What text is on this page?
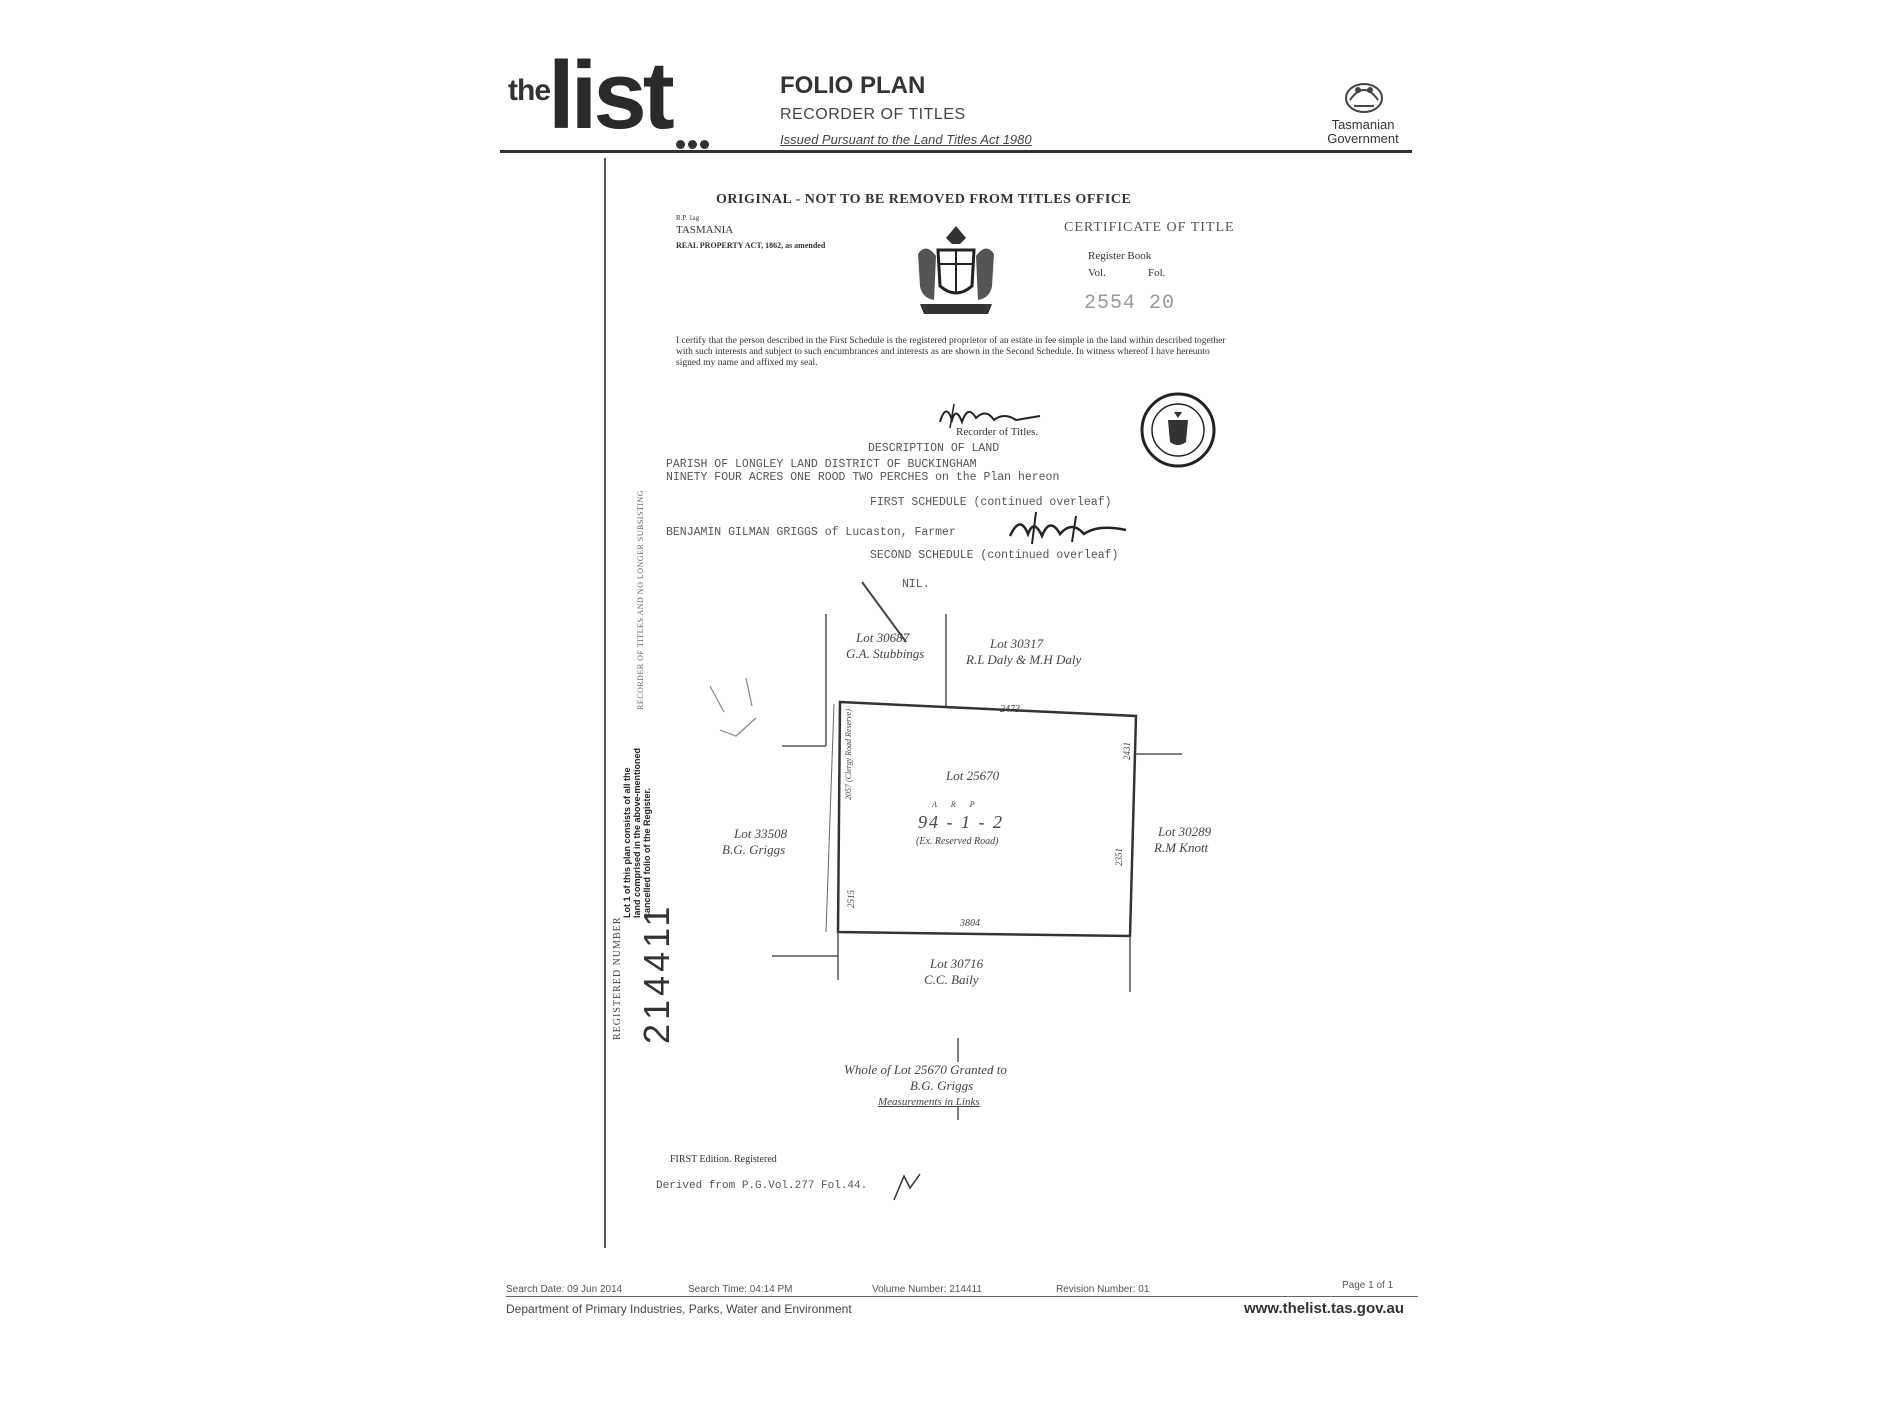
the
list	FOLIO PLAN
RECORDER OF TITLES
Issued Pursuant to the Land Titles Act 1980
Tasmanian
Government
ORIGINAL - NOT TO BE REMOVED FROM TITLES OFFICE
R.P. 1ag
TASMANIA
REAL PROPERTY ACT, 1862, as amended
CERTIFICATE OF TITLE
Register Book
Vol.	Fol.
2554 20
I certify that the person described in the First Schedule is the registered proprietor of an estate in fee simple in the land within described together with such interests and subject to such encumbrances and interests as are shown in the Second Schedule. In witness whereof I have hereunto signed my name and affixed my seal.
Recorder of Titles.
DESCRIPTION OF LAND
PARISH OF LONGLEY LAND DISTRICT OF BUCKINGHAM
NINETY FOUR ACRES ONE ROOD TWO PERCHES on the Plan hereon
FIRST SCHEDULE (continued overleaf)
BENJAMIN GILMAN GRIGGS of Lucaston, Farmer
SECOND SCHEDULE (continued overleaf)
NIL.
RECORDER OF TITLES AND NO LONGER SUBSISTING
Lot 1 of this plan consists of all the land comprised in the above-mentioned cancelled folio of the Register.
REGISTERED NUMBER 214411
Lot 30687
G.A. Stubbings
Lot 30317
R.L Daly & M.H Daly
2473
2057 (Clergy Road Reserve)	2431
Lot 25670
A R P
94 - 1 - 2
(Ex. Reserved Road)
Lot 33508
B.G. Griggs
Lot 30289
R.M Knott
2351
2515
3804
Lot 30716
C.C. Baily
Whole of Lot 25670 Granted to
B.G. Griggs
Measurements in Links
FIRST Edition. Registered
Derived from P.G.Vol.277 Fol.44.
Search Date: 09 Jun 2014	Search Time: 04:14 PM	Volume Number: 214411	Revision Number: 01	Page 1 of 1
Department of Primary Industries, Parks, Water and Environment	www.thelist.tas.gov.au
